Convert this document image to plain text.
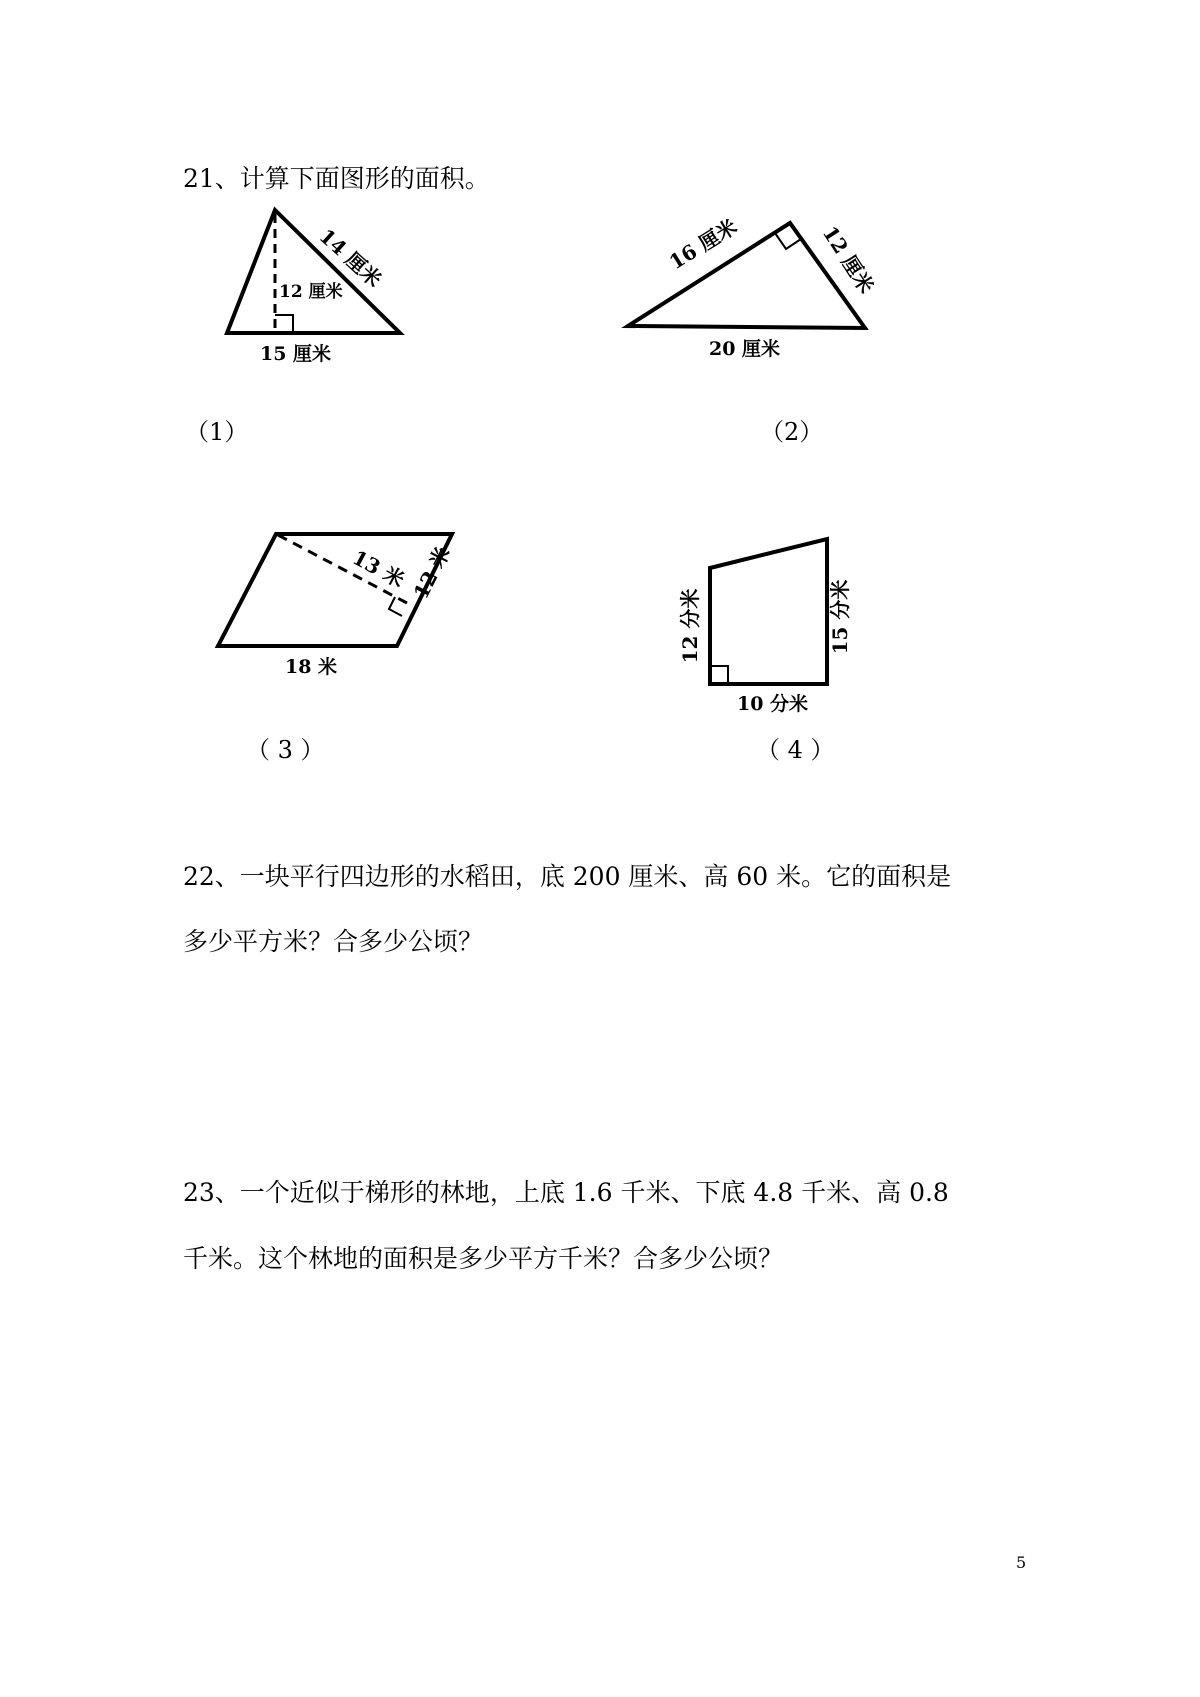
21、计算下面图形的面积。

14 厘米
12 厘米
15 厘米
16 厘米	12 厘米
20 厘米
（1）	（2）
13 米 12 米
18 米
12 分米	15 分米
10 分米
（ 3 ）	（ 4 ）

22、一块平行四边形的水稻田，底 200 厘米、高 60 米。它的面积是

多少平方米？合多少公顷？

23、一个近似于梯形的林地，上底 1.6 千米、下底 4.8 千米、高 0.8

千米。这个林地的面积是多少平方千米？合多少公顷？

5
